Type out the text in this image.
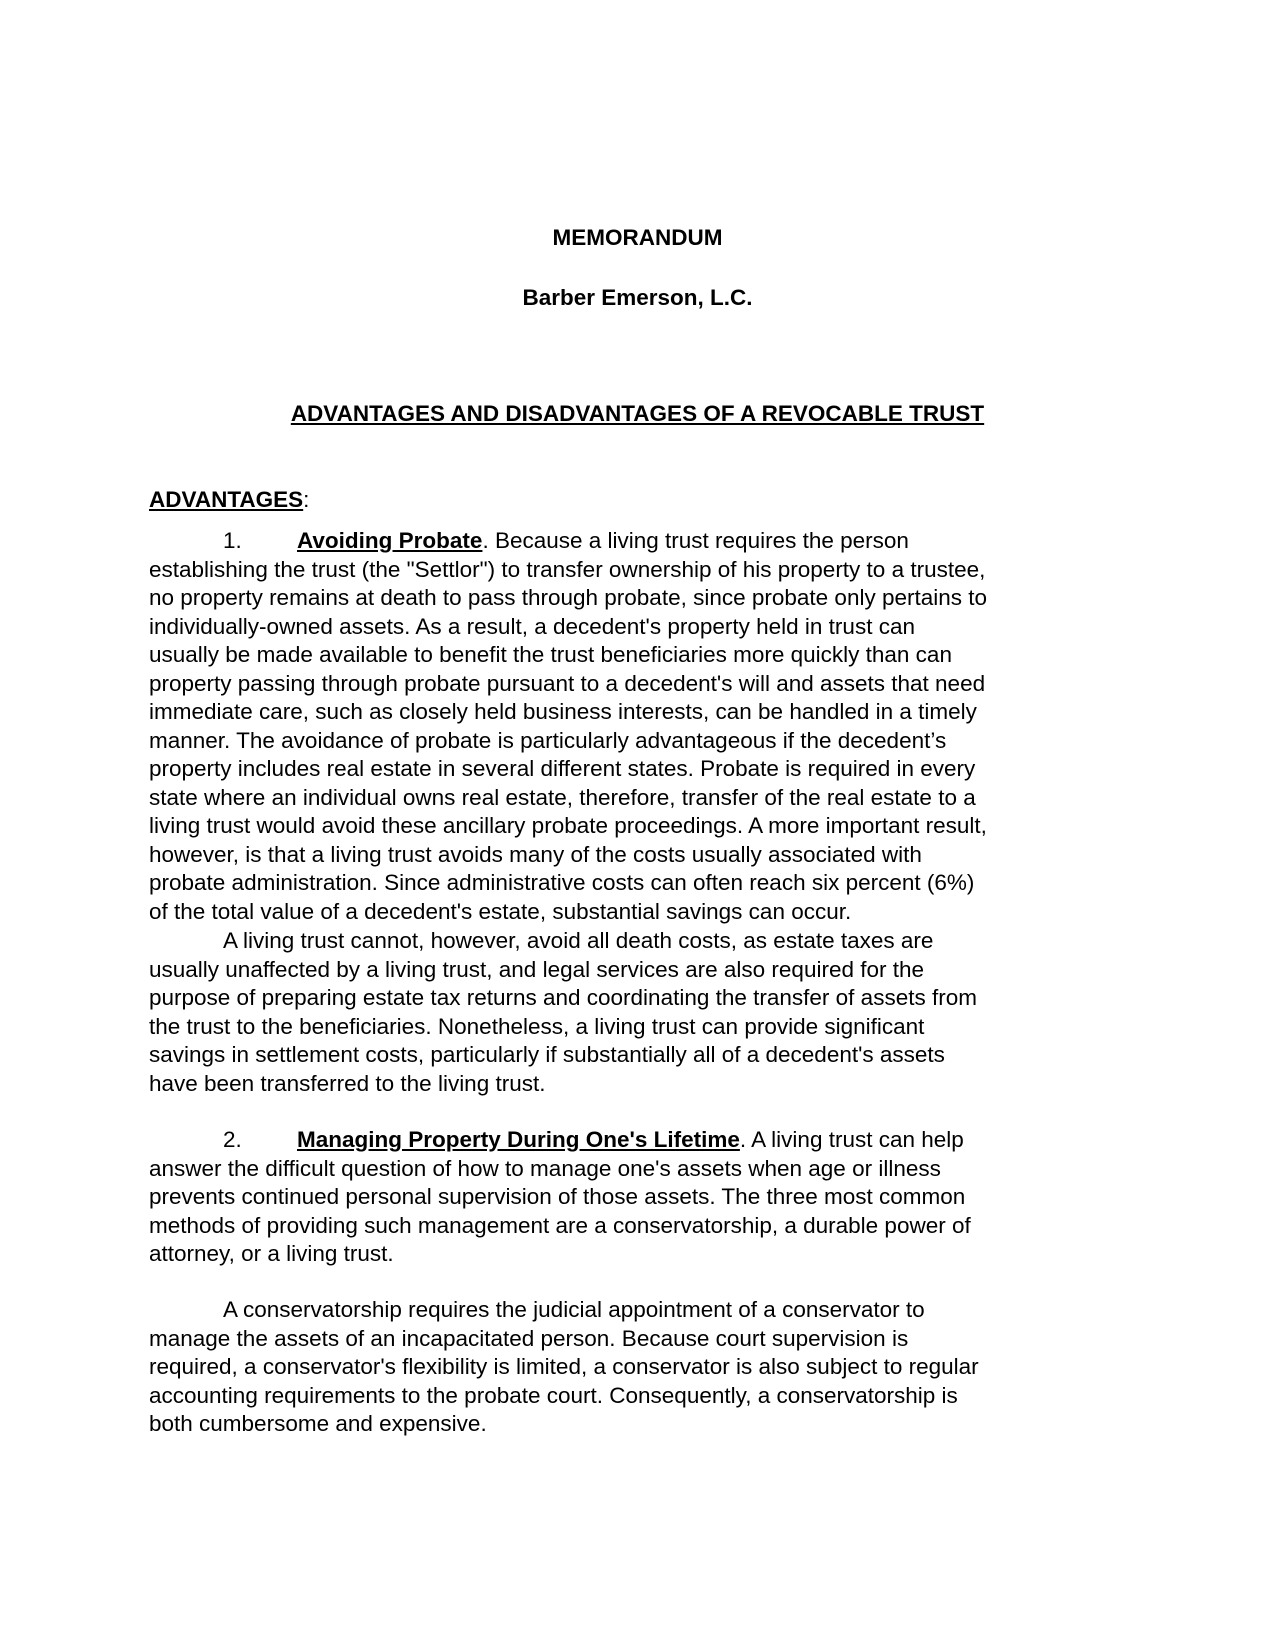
MEMORANDUM
Barber Emerson, L.C.
ADVANTAGES AND DISADVANTAGES OF A REVOCABLE TRUST
ADVANTAGES:
1. Avoiding Probate. Because a living trust requires the person
establishing the trust (the "Settlor") to transfer ownership of his property to a trustee,
no property remains at death to pass through probate, since probate only pertains to
individually-owned assets. As a result, a decedent's property held in trust can
usually be made available to benefit the trust beneficiaries more quickly than can
property passing through probate pursuant to a decedent's will and assets that need
immediate care, such as closely held business interests, can be handled in a timely
manner. The avoidance of probate is particularly advantageous if the decedent’s
property includes real estate in several different states. Probate is required in every
state where an individual owns real estate, therefore, transfer of the real estate to a
living trust would avoid these ancillary probate proceedings. A more important result,
however, is that a living trust avoids many of the costs usually associated with
probate administration. Since administrative costs can often reach six percent (6%)
of the total value of a decedent's estate, substantial savings can occur.
A living trust cannot, however, avoid all death costs, as estate taxes are
usually unaffected by a living trust, and legal services are also required for the
purpose of preparing estate tax returns and coordinating the transfer of assets from
the trust to the beneficiaries. Nonetheless, a living trust can provide significant
savings in settlement costs, particularly if substantially all of a decedent's assets
have been transferred to the living trust.
2. Managing Property During One's Lifetime. A living trust can help
answer the difficult question of how to manage one's assets when age or illness
prevents continued personal supervision of those assets. The three most common
methods of providing such management are a conservatorship, a durable power of
attorney, or a living trust.
A conservatorship requires the judicial appointment of a conservator to
manage the assets of an incapacitated person. Because court supervision is
required, a conservator's flexibility is limited, a conservator is also subject to regular
accounting requirements to the probate court. Consequently, a conservatorship is
both cumbersome and expensive.
